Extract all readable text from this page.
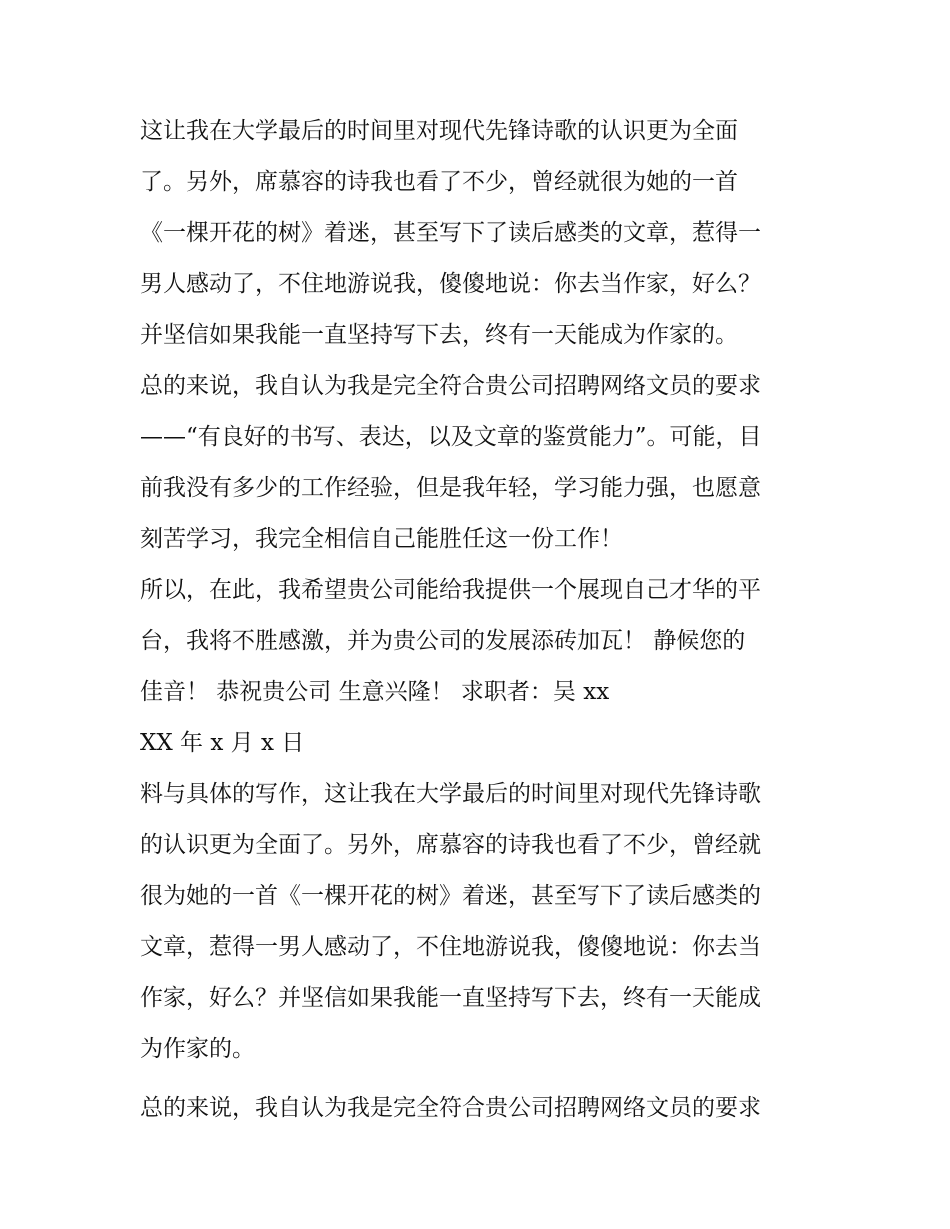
这让我在大学最后的时间里对现代先锋诗歌的认识更为全面
了。另外，席慕容的诗我也看了不少，曾经就很为她的一首
《一棵开花的树》着迷，甚至写下了读后感类的文章，惹得一
男人感动了，不住地游说我，傻傻地说：你去当作家，好么？
并坚信如果我能一直坚持写下去，终有一天能成为作家的。
总的来说，我自认为我是完全符合贵公司招聘网络文员的要求
——“有良好的书写、表达，以及文章的鉴赏能力”。可能，目
前我没有多少的工作经验，但是我年轻，学习能力强，也愿意
刻苦学习，我完全相信自己能胜任这一份工作！
所以，在此，我希望贵公司能给我提供一个展现自己才华的平
台，我将不胜感激，并为贵公司的发展添砖加瓦！ 静候您的
佳音！ 恭祝贵公司 生意兴隆！ 求职者：吴 xx
XX 年 x 月 x 日
料与具体的写作，这让我在大学最后的时间里对现代先锋诗歌
的认识更为全面了。另外，席慕容的诗我也看了不少，曾经就
很为她的一首《一棵开花的树》着迷，甚至写下了读后感类的
文章，惹得一男人感动了，不住地游说我，傻傻地说：你去当
作家，好么？并坚信如果我能一直坚持写下去，终有一天能成
为作家的。
总的来说，我自认为我是完全符合贵公司招聘网络文员的要求
